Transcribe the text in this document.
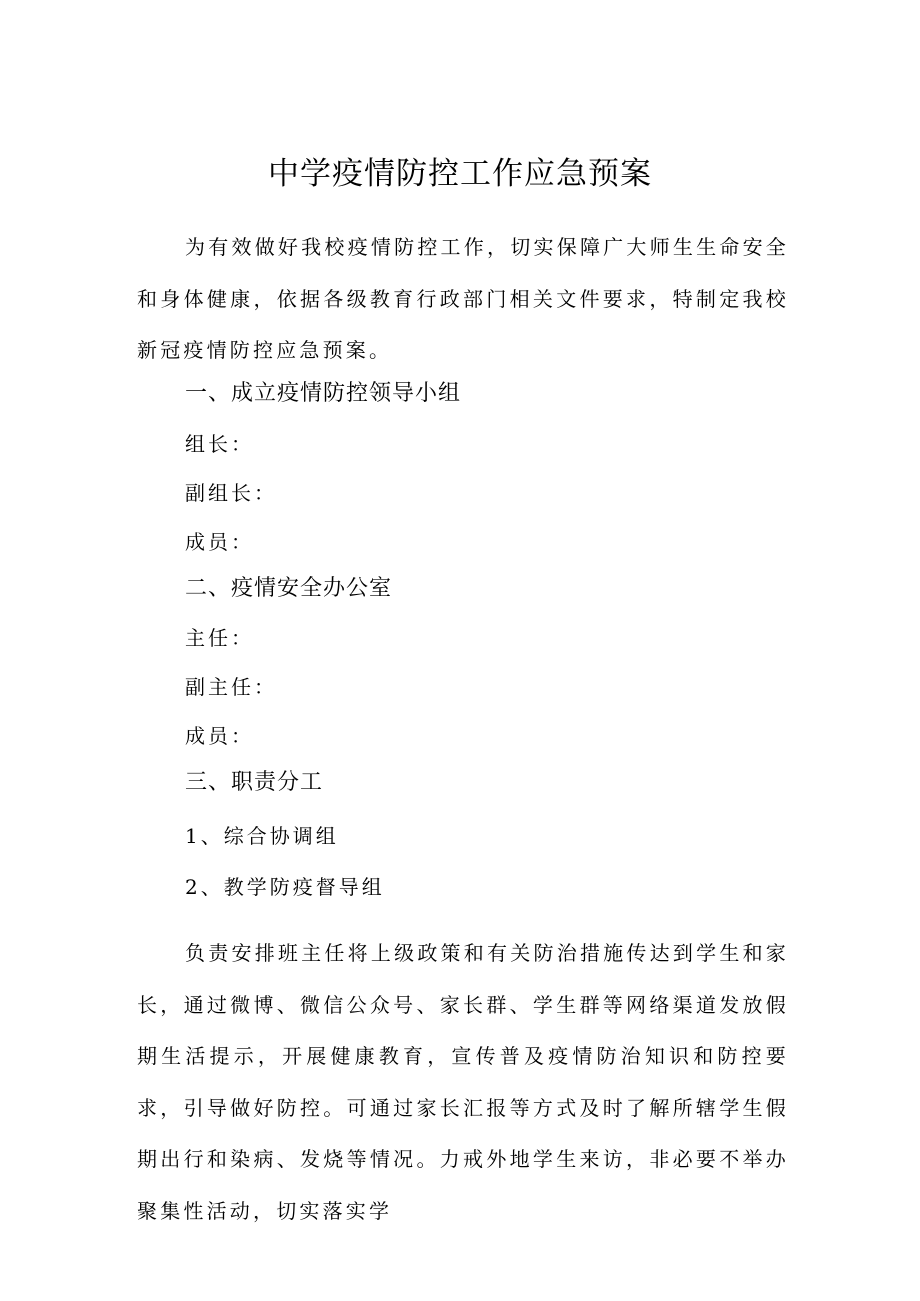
中学疫情防控工作应急预案
为有效做好我校疫情防控工作，切实保障广大师生生命安全和身体健康，依据各级教育行政部门相关文件要求，特制定我校新冠疫情防控应急预案。
一、成立疫情防控领导小组
组长：
副组长：
成员：
二、疫情安全办公室
主任：
副主任：
成员：
三、职责分工
1、综合协调组
2、教学防疫督导组
负责安排班主任将上级政策和有关防治措施传达到学生和家长，通过微博、微信公众号、家长群、学生群等网络渠道发放假期生活提示，开展健康教育，宣传普及疫情防治知识和防控要求，引导做好防控。可通过家长汇报等方式及时了解所辖学生假期出行和染病、发烧等情况。力戒外地学生来访，非必要不举办聚集性活动，切实落实学
